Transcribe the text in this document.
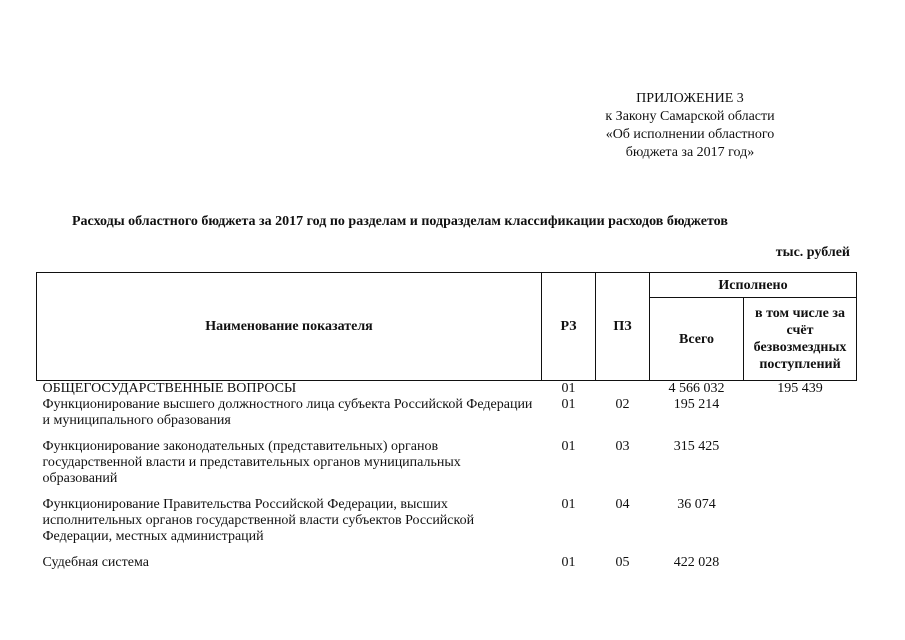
ПРИЛОЖЕНИЕ 3
к Закону Самарской области
«Об исполнении областного
бюджета за 2017 год»
Расходы областного бюджета за 2017 год по разделам и подразделам классификации расходов бюджетов
тыс. рублей
Наименование показателя	РЗ	ПЗ	Исполнено	
			Всего	в том числе за счёт безвозмездных поступлений
ОБЩЕГОСУДАРСТВЕННЫЕ ВОПРОСЫ	01		4 566 032	195 439
Функционирование высшего должностного лица субъекта Российской Федерации и муниципального образования	01	02	195 214	
Функционирование законодательных (представительных) органов государственной власти и представительных органов муниципальных образований	01	03	315 425	
Функционирование Правительства Российской Федерации, высших исполнительных органов государственной власти субъектов Российской Федерации, местных администраций	01	04	36 074	
Судебная система	01	05	422 028	
